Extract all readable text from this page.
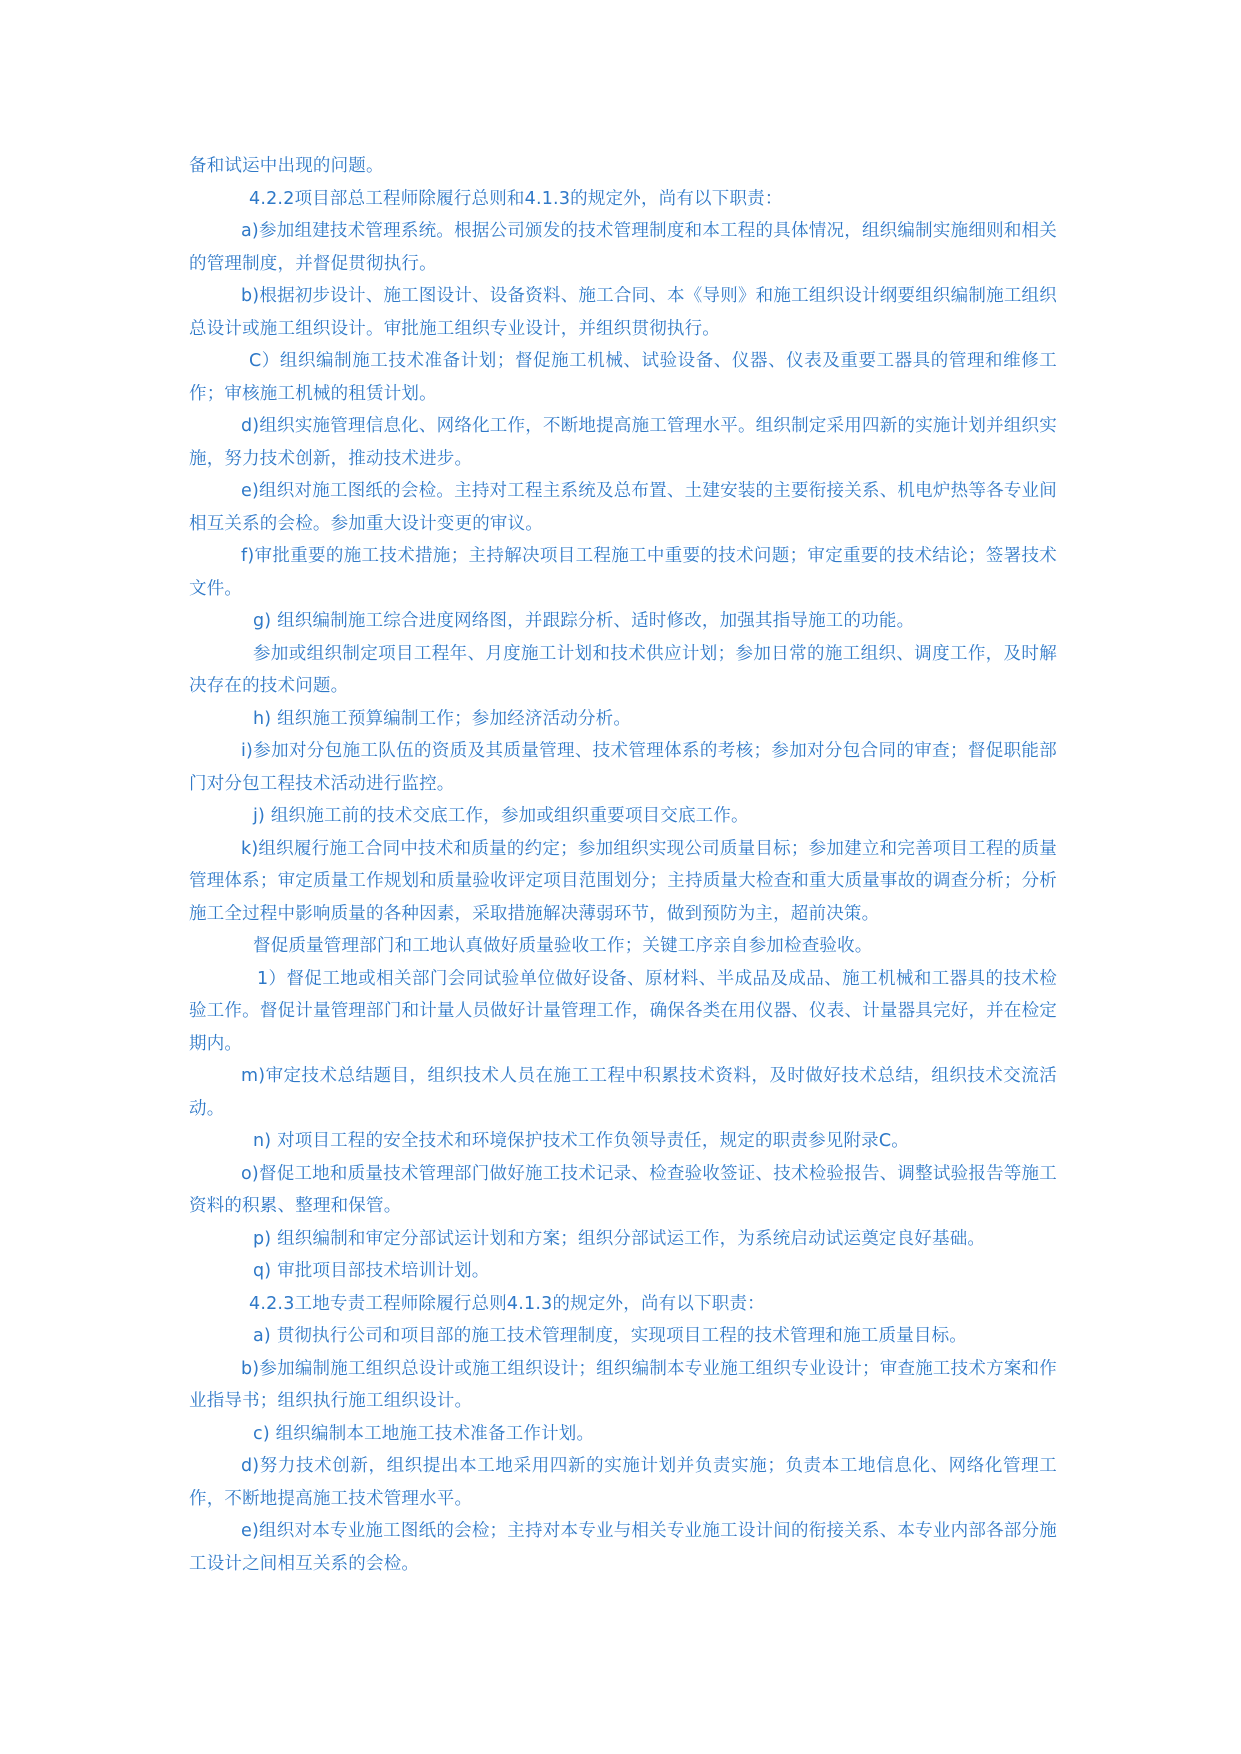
备和试运中出现的问题。

4.2.2项目部总工程师除履行总则和4.1.3的规定外，尚有以下职责：

a)参加组建技术管理系统。根据公司颁发的技术管理制度和本工程的具体情况，组织编制实施细则和相关的管理制度，并督促贯彻执行。

b)根据初步设计、施工图设计、设备资料、施工合同、本《导则》和施工组织设计纲要组织编制施工组织总设计或施工组织设计。审批施工组织专业设计，并组织贯彻执行。

C）组织编制施工技术准备计划；督促施工机械、试验设备、仪器、仪表及重要工器具的管理和维修工作；审核施工机械的租赁计划。

d)组织实施管理信息化、网络化工作，不断地提高施工管理水平。组织制定采用四新的实施计划并组织实施，努力技术创新，推动技术进步。

e)组织对施工图纸的会检。主持对工程主系统及总布置、土建安装的主要衔接关系、机电炉热等各专业间相互关系的会检。参加重大设计变更的审议。

f)审批重要的施工技术措施；主持解决项目工程施工中重要的技术问题；审定重要的技术结论；签署技术文件。

g) 组织编制施工综合进度网络图，并跟踪分析、适时修改，加强其指导施工的功能。

参加或组织制定项目工程年、月度施工计划和技术供应计划；参加日常的施工组织、调度工作，及时解决存在的技术问题。

h) 组织施工预算编制工作；参加经济活动分析。

i)参加对分包施工队伍的资质及其质量管理、技术管理体系的考核；参加对分包合同的审查；督促职能部门对分包工程技术活动进行监控。

j) 组织施工前的技术交底工作，参加或组织重要项目交底工作。

k)组织履行施工合同中技术和质量的约定；参加组织实现公司质量目标；参加建立和完善项目工程的质量管理体系；审定质量工作规划和质量验收评定项目范围划分；主持质量大检查和重大质量事故的调查分析；分析施工全过程中影响质量的各种因素，采取措施解决薄弱环节，做到预防为主，超前决策。

督促质量管理部门和工地认真做好质量验收工作；关键工序亲自参加检查验收。

1）督促工地或相关部门会同试验单位做好设备、原材料、半成品及成品、施工机械和工器具的技术检验工作。督促计量管理部门和计量人员做好计量管理工作，确保各类在用仪器、仪表、计量器具完好，并在检定期内。

m)审定技术总结题目，组织技术人员在施工工程中积累技术资料，及时做好技术总结，组织技术交流活动。

n) 对项目工程的安全技术和环境保护技术工作负领导责任，规定的职责参见附录C。

o)督促工地和质量技术管理部门做好施工技术记录、检查验收签证、技术检验报告、调整试验报告等施工资料的积累、整理和保管。

p) 组织编制和审定分部试运计划和方案；组织分部试运工作，为系统启动试运奠定良好基础。

q) 审批项目部技术培训计划。

4.2.3工地专责工程师除履行总则4.1.3的规定外，尚有以下职责：

a) 贯彻执行公司和项目部的施工技术管理制度，实现项目工程的技术管理和施工质量目标。

b)参加编制施工组织总设计或施工组织设计；组织编制本专业施工组织专业设计；审查施工技术方案和作业指导书；组织执行施工组织设计。

c) 组织编制本工地施工技术准备工作计划。

d)努力技术创新，组织提出本工地采用四新的实施计划并负责实施；负责本工地信息化、网络化管理工作，不断地提高施工技术管理水平。

e)组织对本专业施工图纸的会检；主持对本专业与相关专业施工设计间的衔接关系、本专业内部各部分施工设计之间相互关系的会检。
